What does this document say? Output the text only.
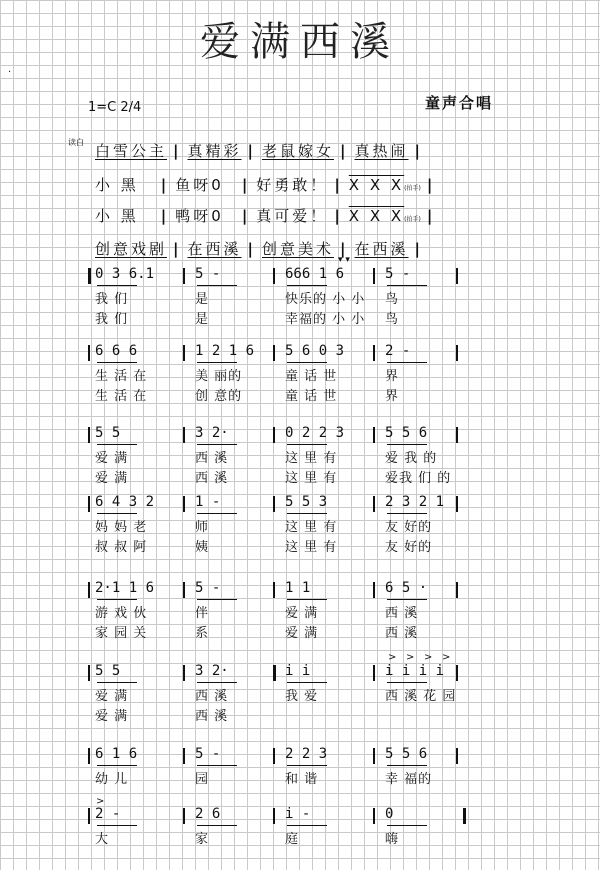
爱满西溪
1=C 2/4	童声合唱
.
读白 白雪公主 | 真精彩 | 老鼠嫁女 | 真热闹 |
小 黑 | 鱼呀0 | 好勇敢！ | X X X(拍手) |
小 黑 | 鸭呀0 | 真可爱！ | X X X(拍手) |
创意戏剧 | 在西溪 | 创意美术 | 在西溪 |
0 3 6.1
我 们
我 们
5 -
是
是
666 1 6
快乐的 小 小
幸福的 小 小
5 -
鸟
鸟
6 6 6
生 活 在
生 活 在
1 2 1 6
美 丽的
创 意的
5 6 0 3
童 话 世
童 话 世
2 -
界
界
5 5
爱 满
爱 满
3 2·
西 溪
西 溪
0 2 2 3
这 里 有
这 里 有
5 5 6
爱 我 的
爱我 们 的
6 4 3 2
妈 妈 老
叔 叔 阿
1 -
师
姨
5 5 3
这 里 有
这 里 有
2 3 2 1
友 好的
友 好的
2·1 1 6
游 戏 伙
家 园 关
5 -
伴
系
1 1
爱 满
爱 满
6 5 ·
西 溪
西 溪
5 5
爱 满
爱 满
3 2·
西 溪
西 溪
i i
我 爱
i i i i
西 溪 花 园
6 1 6
幼 儿
5 -
园
2 2 3
和 谐
5 5 6
幸 福的
2 -
大
2 6
家
i -
庭
0
嗨
> > > >
>
▾ ▾
